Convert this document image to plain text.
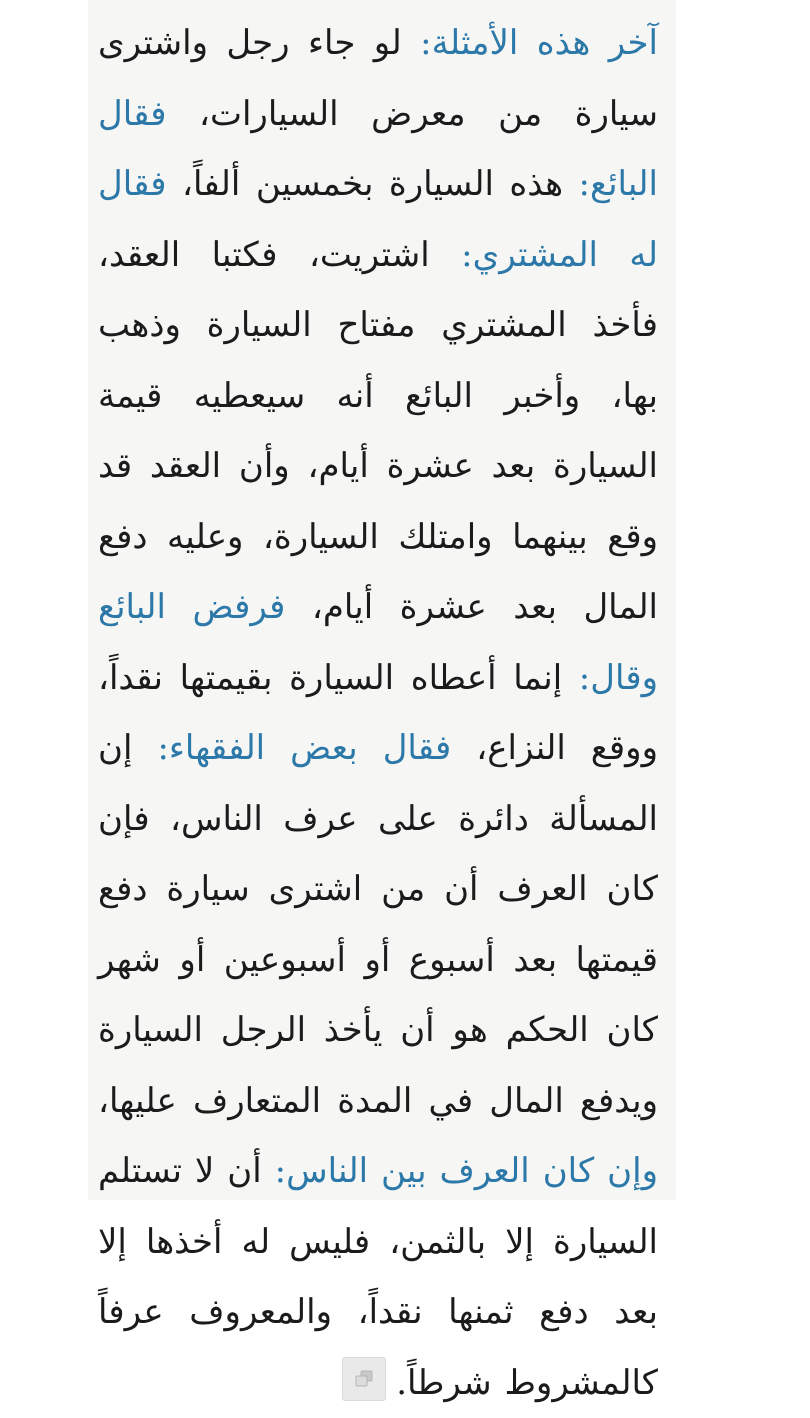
آخر هذه الأمثلة: لو جاء رجل واشترى سيارة من معرض السيارات، فقال البائع: هذه السيارة بخمسين ألفاً، فقال له المشتري: اشتريت، فكتبا العقد، فأخذ المشتري مفتاح السيارة وذهب بها، وأخبر البائع أنه سيعطيه قيمة السيارة بعد عشرة أيام، وأن العقد قد وقع بينهما وامتلك السيارة، وعليه دفع المال بعد عشرة أيام، فرفض البائع وقال: إنما أعطاه السيارة بقيمتها نقداً، ووقع النزاع، فقال بعض الفقهاء: إن المسألة دائرة على عرف الناس، فإن كان العرف أن من اشترى سيارة دفع قيمتها بعد أسبوع أو أسبوعين أو شهر كان الحكم هو أن يأخذ الرجل السيارة ويدفع المال في المدة المتعارف عليها، وإن كان العرف بين الناس: أن لا تستلم السيارة إلا بالثمن، فليس له أخذها إلا بعد دفع ثمنها نقداً، والمعروف عرفاً كالمشروط شرطاً.
